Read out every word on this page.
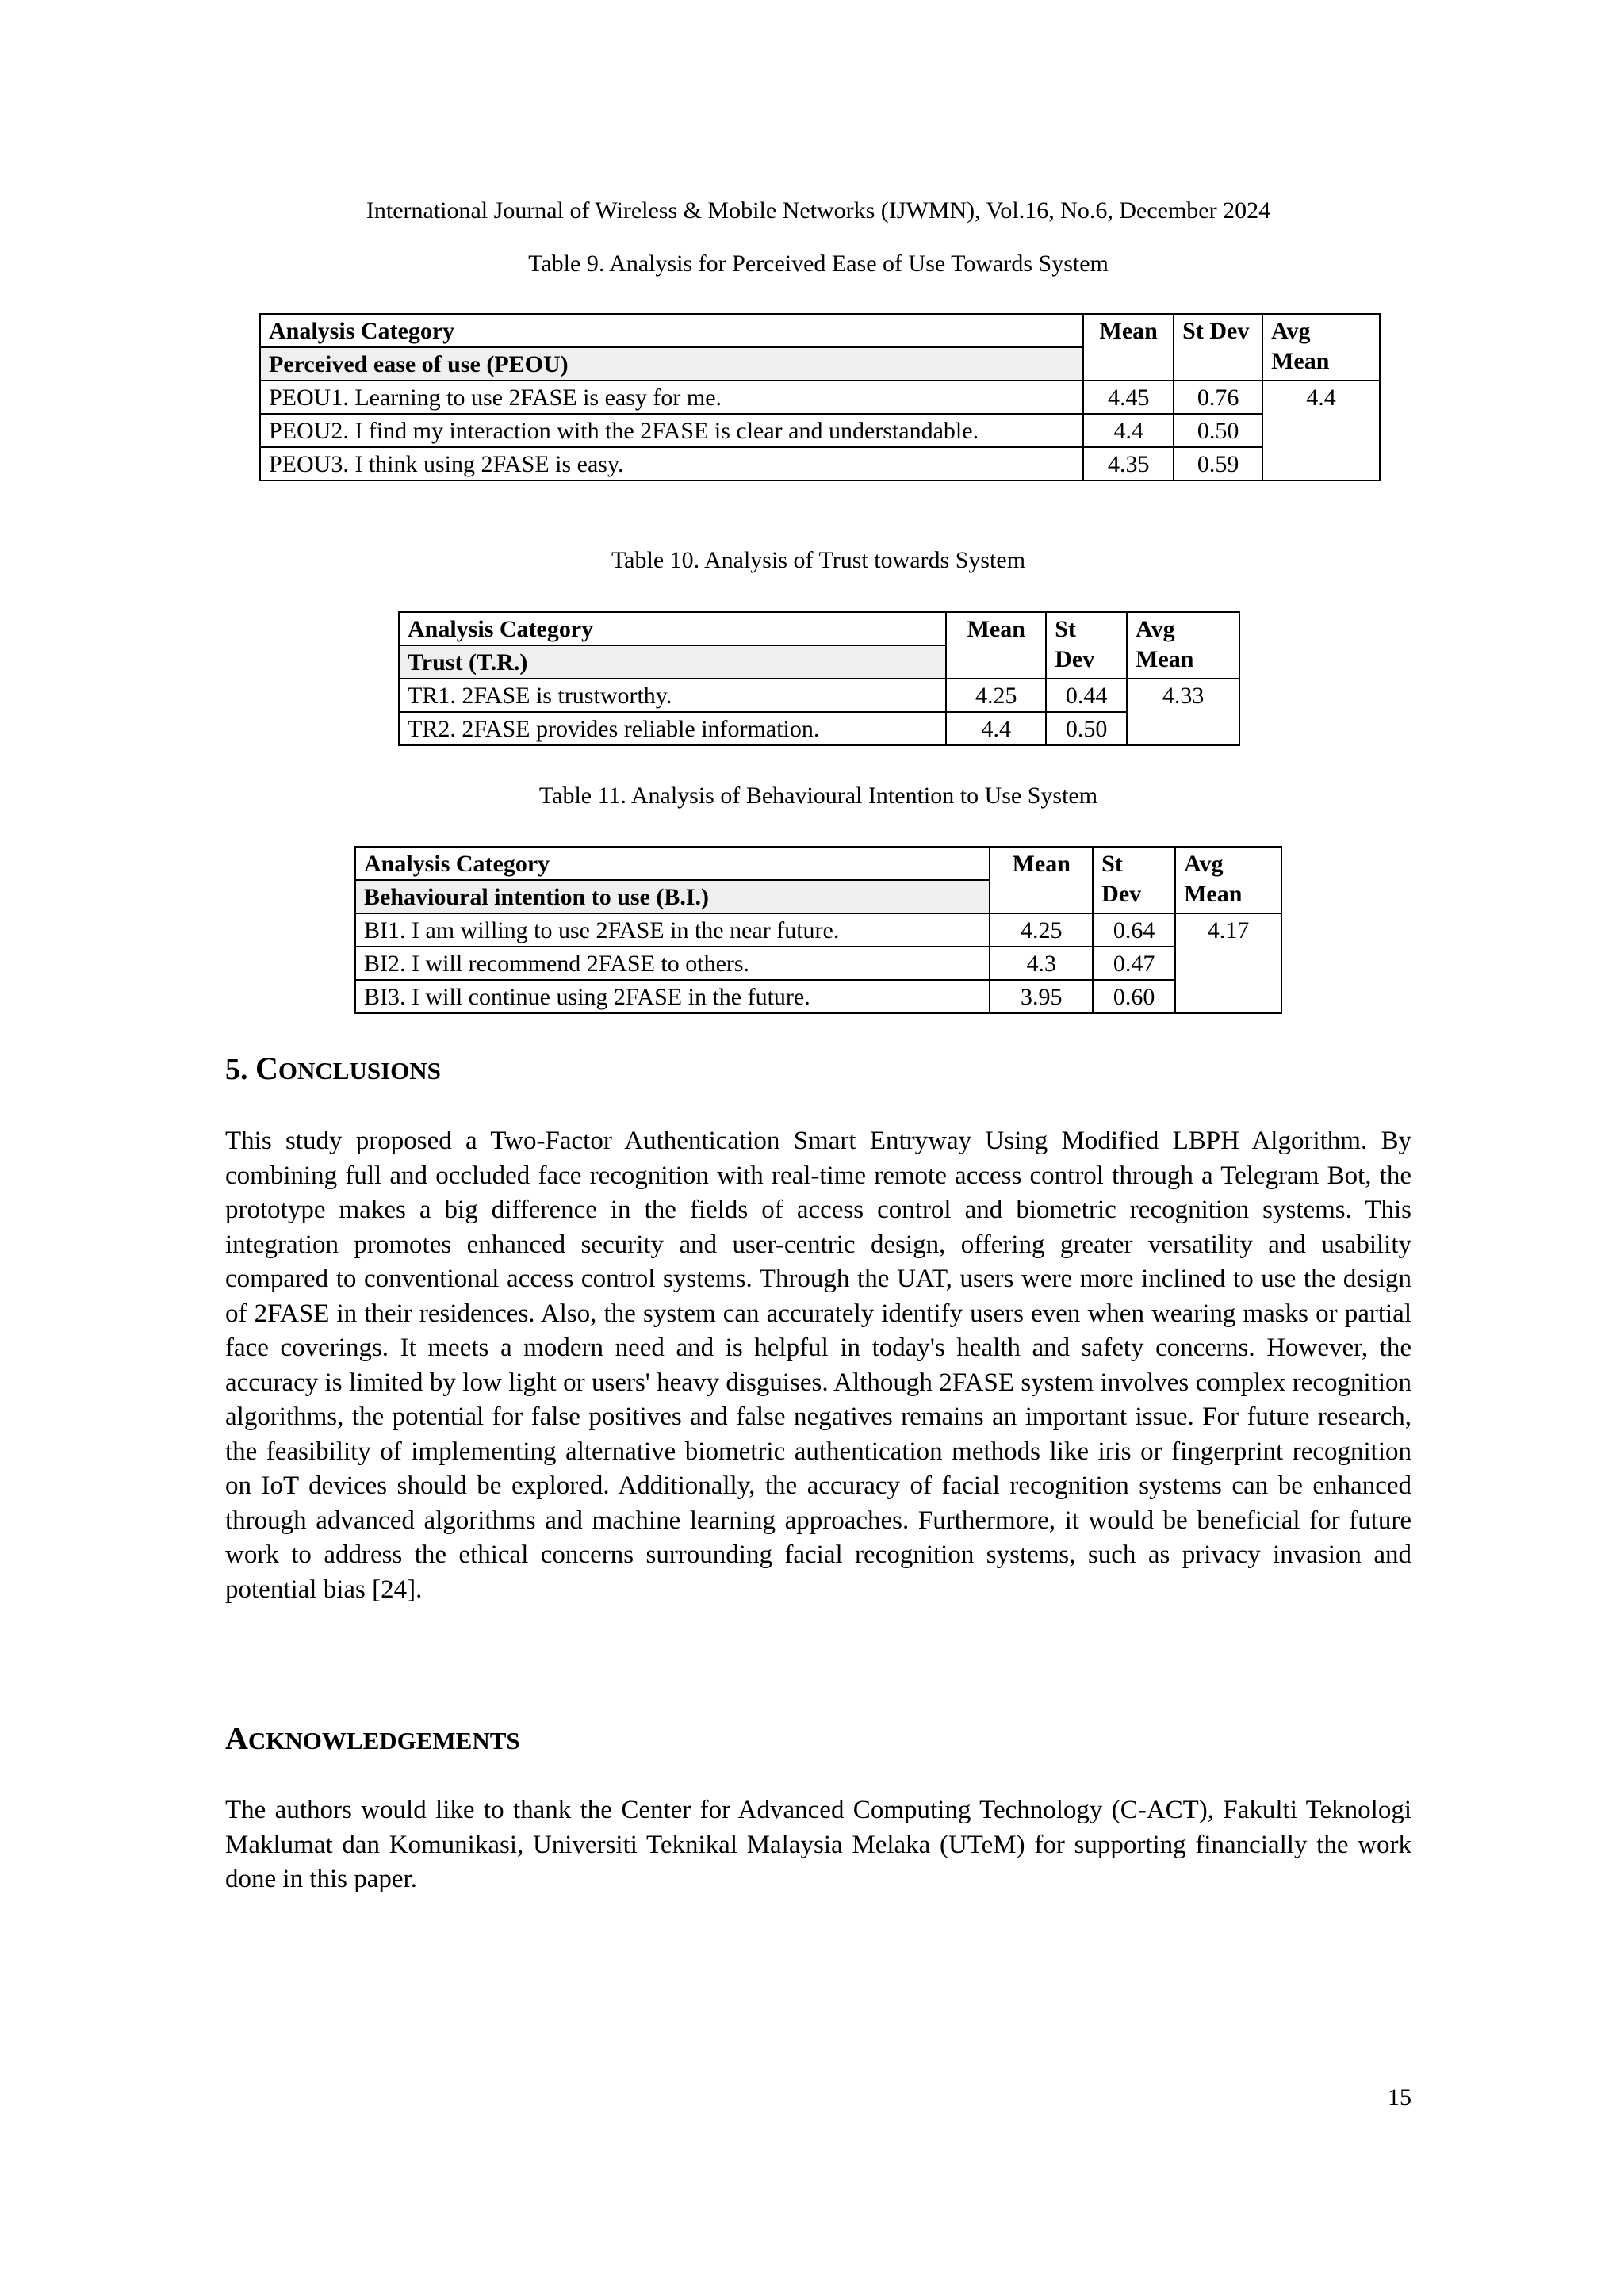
International Journal of Wireless & Mobile Networks (IJWMN), Vol.16, No.6, December 2024
Table 9. Analysis for Perceived Ease of Use Towards System
Analysis Category	Mean	St Dev	Avg Mean
Perceived ease of use (PEOU)			
PEOU1. Learning to use 2FASE is easy for me.	4.45	0.76	4.4
PEOU2. I find my interaction with the 2FASE is clear and understandable.	4.4	0.50	
PEOU3. I think using 2FASE is easy.	4.35	0.59	
Table 10. Analysis of Trust towards System
Analysis Category	Mean	St Dev	Avg Mean
Trust (T.R.)			
TR1. 2FASE is trustworthy.	4.25	0.44	4.33
TR2. 2FASE provides reliable information.	4.4	0.50	
Table 11. Analysis of Behavioural Intention to Use System
Analysis Category	Mean	St Dev	Avg Mean
Behavioural intention to use (B.I.)			
BI1. I am willing to use 2FASE in the near future.	4.25	0.64	4.17
BI2. I will recommend 2FASE to others.	4.3	0.47	
BI3. I will continue using 2FASE in the future.	3.95	0.60	
5. CONCLUSIONS

This study proposed a Two-Factor Authentication Smart Entryway Using Modified LBPH Algorithm. By combining full and occluded face recognition with real-time remote access control through a Telegram Bot, the prototype makes a big difference in the fields of access control and biometric recognition systems. This integration promotes enhanced security and user-centric design, offering greater versatility and usability compared to conventional access control systems. Through the UAT, users were more inclined to use the design of 2FASE in their residences. Also, the system can accurately identify users even when wearing masks or partial face coverings. It meets a modern need and is helpful in today's health and safety concerns. However, the accuracy is limited by low light or users' heavy disguises. Although 2FASE system involves complex recognition algorithms, the potential for false positives and false negatives remains an important issue. For future research, the feasibility of implementing alternative biometric authentication methods like iris or fingerprint recognition on IoT devices should be explored. Additionally, the accuracy of facial recognition systems can be enhanced through advanced algorithms and machine learning approaches. Furthermore, it would be beneficial for future work to address the ethical concerns surrounding facial recognition systems, such as privacy invasion and potential bias [24].

ACKNOWLEDGEMENTS

The authors would like to thank the Center for Advanced Computing Technology (C-ACT), Fakulti Teknologi Maklumat dan Komunikasi, Universiti Teknikal Malaysia Melaka (UTeM) for supporting financially the work done in this paper.

15
